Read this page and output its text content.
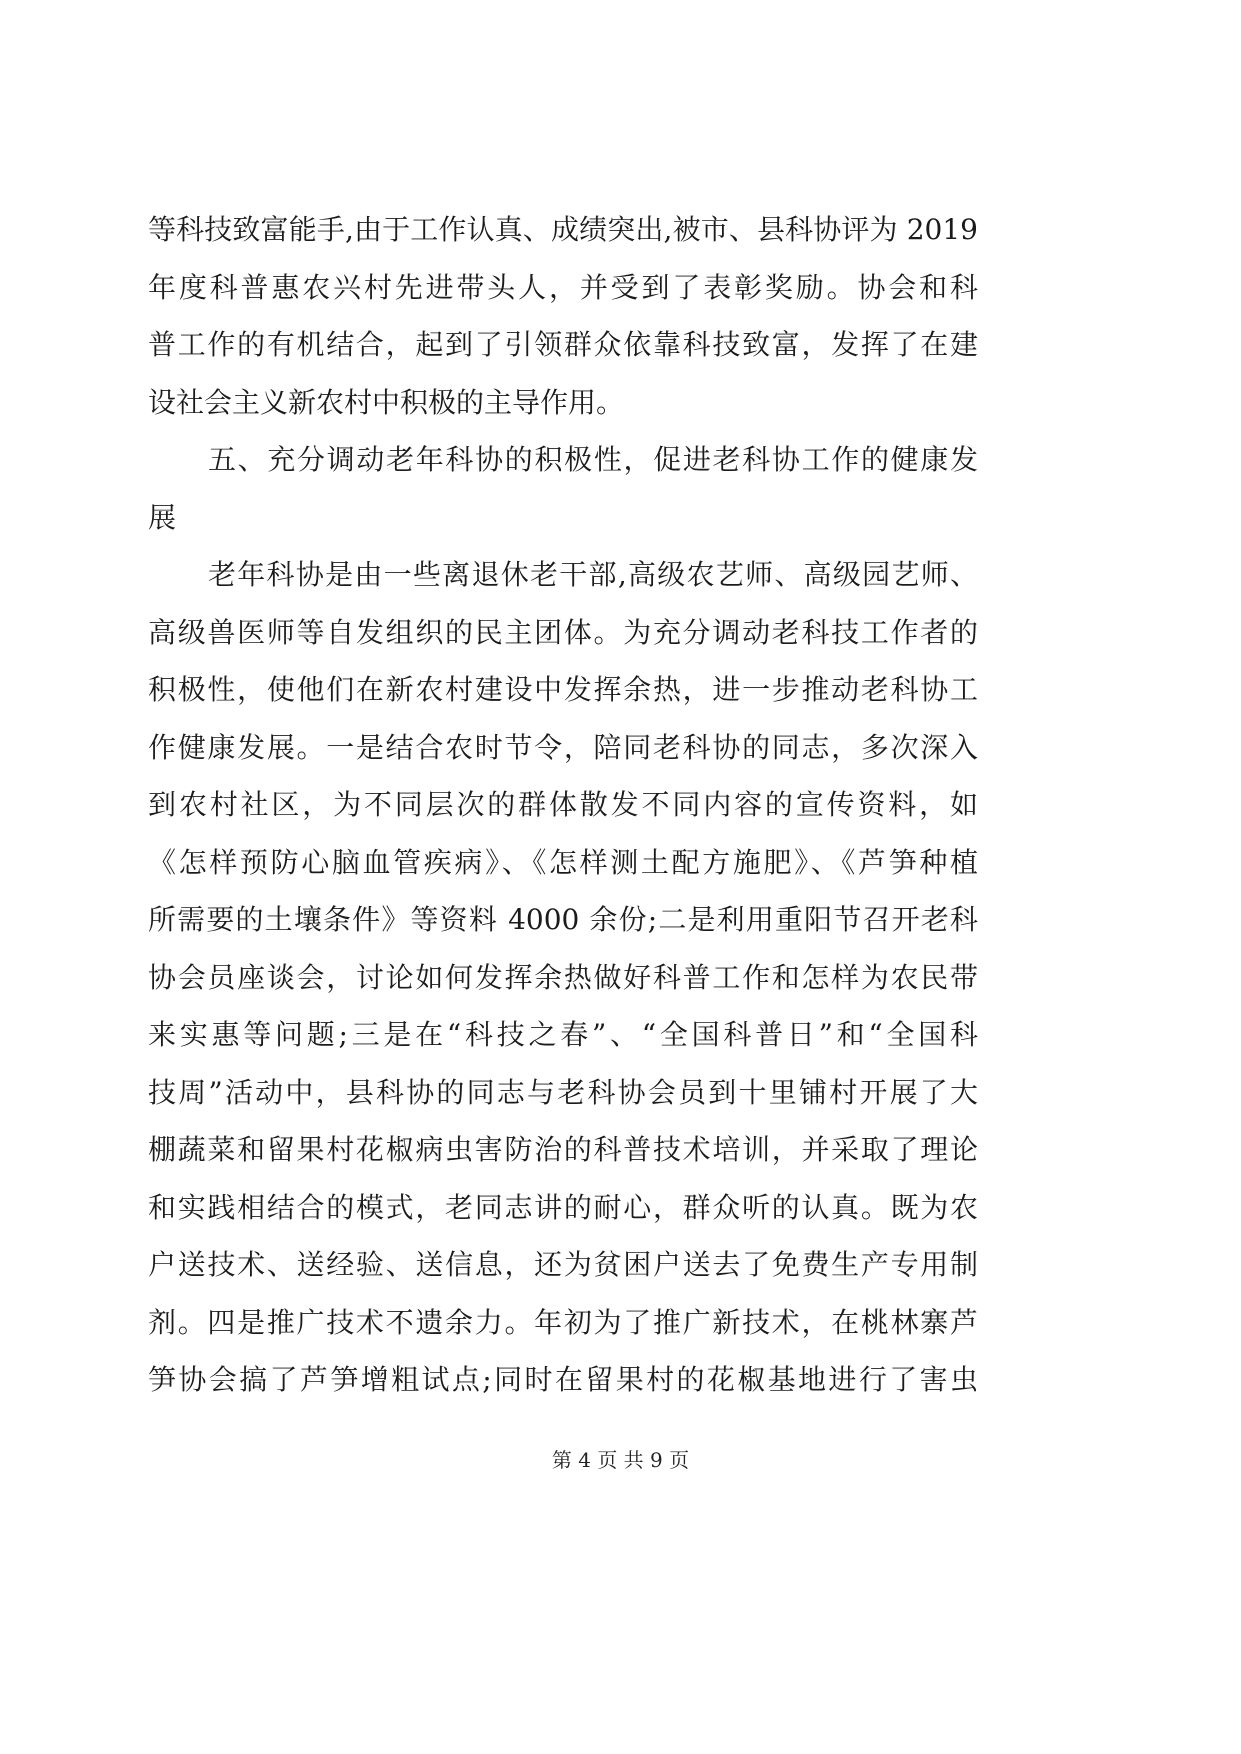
等科技致富能手,由于工作认真、成绩突出,被市、县科协评为 2019
年度科普惠农兴村先进带头人，并受到了表彰奖励。协会和科
普工作的有机结合，起到了引领群众依靠科技致富，发挥了在建
设社会主义新农村中积极的主导作用。
五、充分调动老年科协的积极性，促进老科协工作的健康发
展
老年科协是由一些离退休老干部,高级农艺师、高级园艺师、
高级兽医师等自发组织的民主团体。为充分调动老科技工作者的
积极性，使他们在新农村建设中发挥余热，进一步推动老科协工
作健康发展。一是结合农时节令，陪同老科协的同志，多次深入
到农村社区，为不同层次的群体散发不同内容的宣传资料，如
《怎样预防心脑血管疾病》、《怎样测土配方施肥》、《芦笋种植
所需要的土壤条件》等资料 4000 余份;二是利用重阳节召开老科
协会员座谈会，讨论如何发挥余热做好科普工作和怎样为农民带
来实惠等问题;三是在“科技之春”、“全国科普日”和“全国科
技周”活动中，县科协的同志与老科协会员到十里铺村开展了大
棚蔬菜和留果村花椒病虫害防治的科普技术培训，并采取了理论
和实践相结合的模式，老同志讲的耐心，群众听的认真。既为农
户送技术、送经验、送信息，还为贫困户送去了免费生产专用制
剂。四是推广技术不遗余力。年初为了推广新技术，在桃林寨芦
笋协会搞了芦笋增粗试点;同时在留果村的花椒基地进行了害虫
第 4 页 共 9 页
